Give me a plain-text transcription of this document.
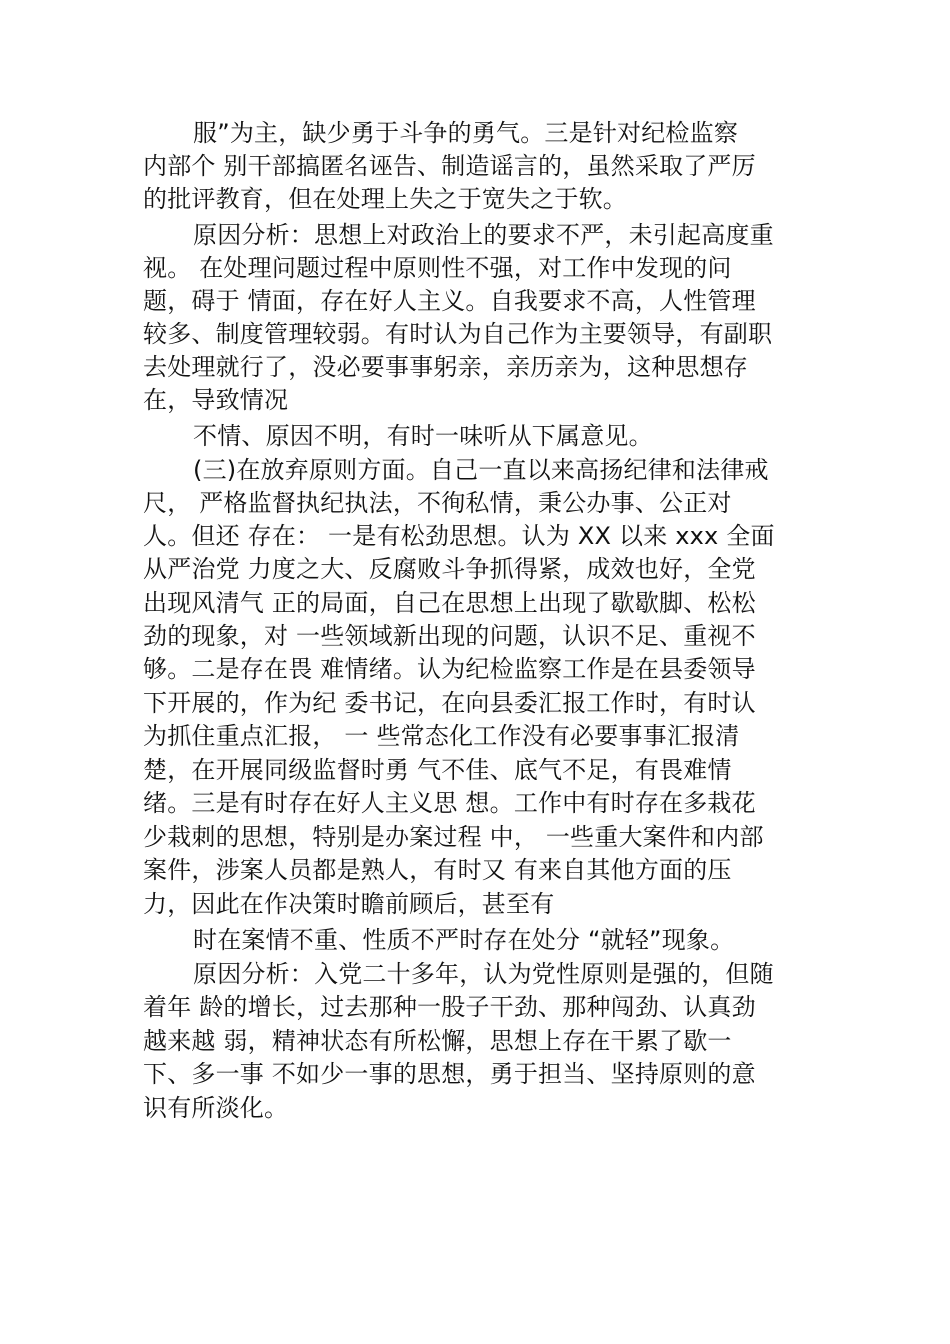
服”为主，缺少勇于斗争的勇气。三是针对纪检监察
内部个 别干部搞匿名诬告、制造谣言的，虽然采取了严厉
的批评教育，但在处理上失之于宽失之于软。
原因分析：思想上对政治上的要求不严，未引起高度重
视。 在处理问题过程中原则性不强，对工作中发现的问
题，碍于 情面，存在好人主义。自我要求不高，人性管理
较多、制度管理较弱。有时认为自己作为主要领导，有副职
去处理就行了，没必要事事躬亲，亲历亲为，这种思想存
在，导致情况
不情、原因不明，有时一味听从下属意见。
(三)在放弃原则方面。自己一直以来高扬纪律和法律戒
尺， 严格监督执纪执法，不徇私情，秉公办事、公正对
人。但还 存在： 一是有松劲思想。认为 XX 以来 xxx 全面
从严治党 力度之大、反腐败斗争抓得紧，成效也好，全党
出现风清气 正的局面，自己在思想上出现了歇歇脚、松松
劲的现象，对 一些领域新出现的问题，认识不足、重视不
够。二是存在畏 难情绪。认为纪检监察工作是在县委领导
下开展的，作为纪 委书记，在向县委汇报工作时，有时认
为抓住重点汇报， 一 些常态化工作没有必要事事汇报清
楚，在开展同级监督时勇 气不佳、底气不足，有畏难情
绪。三是有时存在好人主义思 想。工作中有时存在多栽花
少栽刺的思想，特别是办案过程 中， 一些重大案件和内部
案件，涉案人员都是熟人，有时又 有来自其他方面的压
力，因此在作决策时瞻前顾后，甚至有
时在案情不重、性质不严时存在处分 “就轻”现象。
原因分析：入党二十多年，认为党性原则是强的，但随
着年 龄的增长，过去那种一股子干劲、那种闯劲、认真劲
越来越 弱，精神状态有所松懈，思想上存在干累了歇一
下、多一事 不如少一事的思想，勇于担当、坚持原则的意
识有所淡化。
